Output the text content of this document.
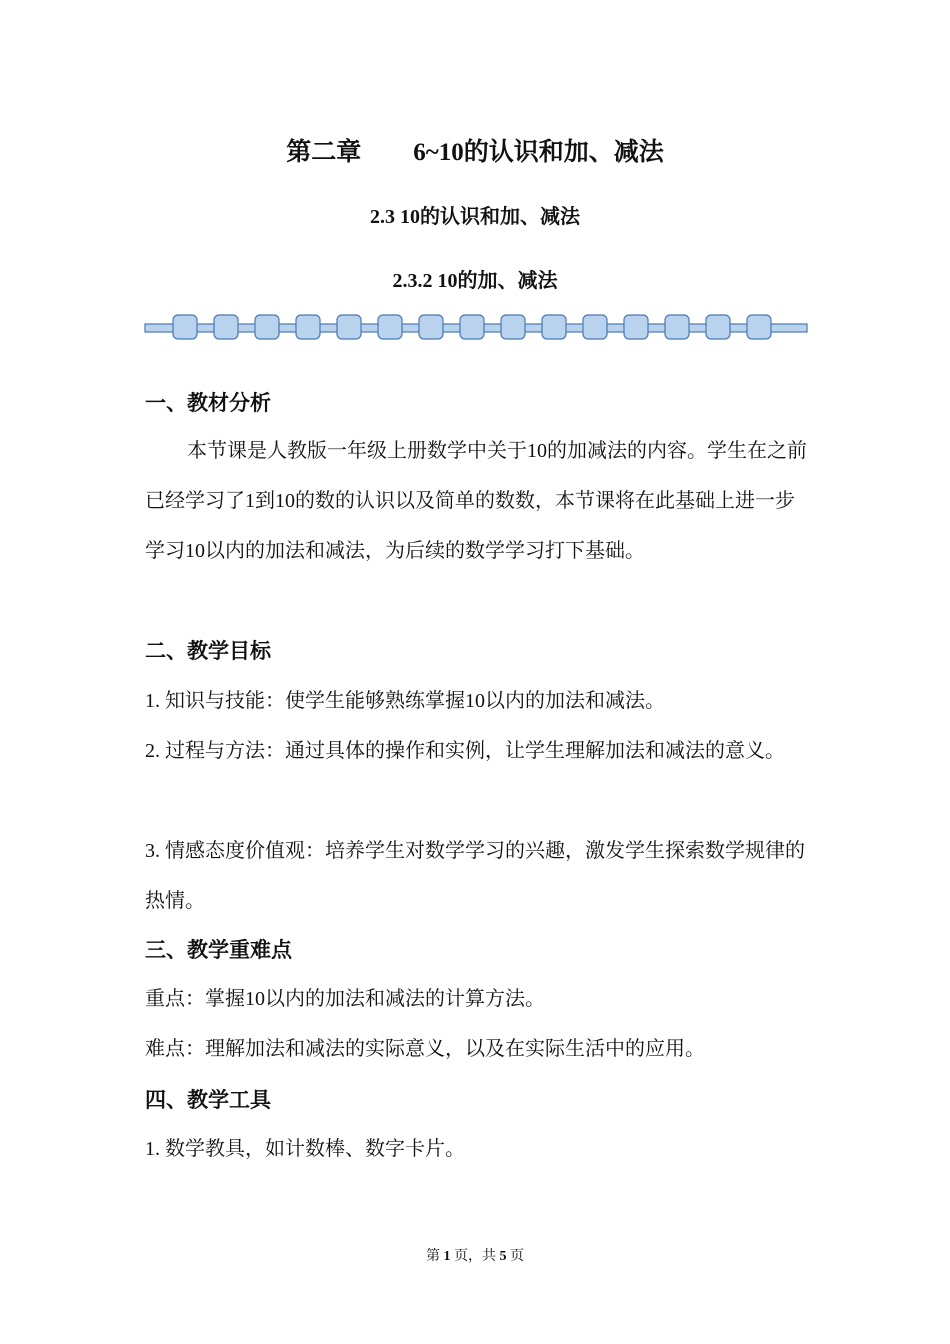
第二章 6~10的认识和加、减法
2.3 10的认识和加、减法
2.3.2 10的加、减法
一、教材分析
本节课是人教版一年级上册数学中关于10的加减法的内容。学生在之前已经学习了1到10的数的认识以及简单的数数，本节课将在此基础上进一步学习10以内的加法和减法，为后续的数学学习打下基础。
二、教学目标
1. 知识与技能：使学生能够熟练掌握10以内的加法和减法。
2. 过程与方法：通过具体的操作和实例，让学生理解加法和减法的意义。
3. 情感态度价值观：培养学生对数学学习的兴趣，激发学生探索数学规律的热情。
三、教学重难点
重点：掌握10以内的加法和减法的计算方法。
难点：理解加法和减法的实际意义，以及在实际生活中的应用。
四、教学工具
1. 数学教具，如计数棒、数字卡片。
第 1 页，共 5 页
